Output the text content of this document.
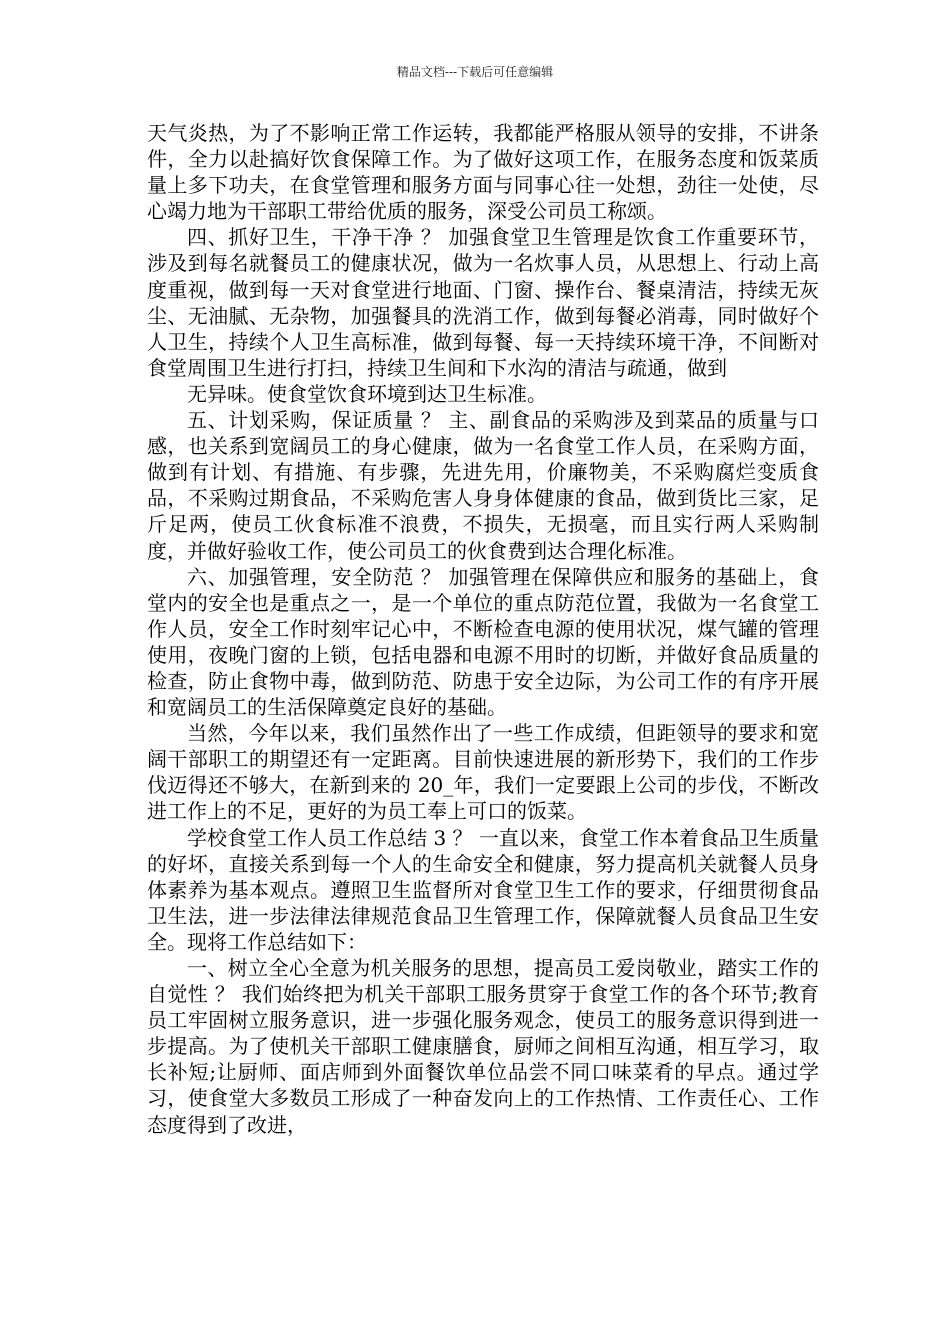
精品文档---下载后可任意编辑

天气炎热，为了不影响正常工作运转，我都能严格服从领导的安排，不讲条件，全力以赴搞好饮食保障工作。为了做好这项工作，在服务态度和饭菜质量上多下功夫，在食堂管理和服务方面与同事心往一处想，劲往一处使，尽心竭力地为干部职工带给优质的服务，深受公司员工称颂。

四、抓好卫生，干净干净 ？ 加强食堂卫生管理是饮食工作重要环节，涉及到每名就餐员工的健康状况，做为一名炊事人员，从思想上、行动上高度重视，做到每一天对食堂进行地面、门窗、操作台、餐桌清洁，持续无灰尘、无油腻、无杂物，加强餐具的洗消工作，做到每餐必消毒，同时做好个人卫生，持续个人卫生高标准，做到每餐、每一天持续环境干净，不间断对食堂周围卫生进行打扫，持续卫生间和下水沟的清洁与疏通，做到

无异味。使食堂饮食环境到达卫生标准。

五、计划采购，保证质量 ？ 主、副食品的采购涉及到菜品的质量与口感，也关系到宽阔员工的身心健康，做为一名食堂工作人员，在采购方面，做到有计划、有措施、有步骤，先进先用，价廉物美，不采购腐烂变质食品，不采购过期食品，不采购危害人身身体健康的食品，做到货比三家，足斤足两，使员工伙食标准不浪费，不损失，无损毫，而且实行两人采购制度，并做好验收工作，使公司员工的伙食费到达合理化标准。

六、加强管理，安全防范 ？ 加强管理在保障供应和服务的基础上，食堂内的安全也是重点之一，是一个单位的重点防范位置，我做为一名食堂工作人员，安全工作时刻牢记心中，不断检查电源的使用状况，煤气罐的管理使用，夜晚门窗的上锁，包括电器和电源不用时的切断，并做好食品质量的检查，防止食物中毒，做到防范、防患于安全边际，为公司工作的有序开展和宽阔员工的生活保障奠定良好的基础。

当然，今年以来，我们虽然作出了一些工作成绩，但距领导的要求和宽阔干部职工的期望还有一定距离。目前快速进展的新形势下，我们的工作步伐迈得还不够大，在新到来的 20_年，我们一定要跟上公司的步伐，不断改进工作上的不足，更好的为员工奉上可口的饭菜。

学校食堂工作人员工作总结 3 ？ 一直以来，食堂工作本着食品卫生质量的好坏，直接关系到每一个人的生命安全和健康，努力提高机关就餐人员身体素养为基本观点。遵照卫生监督所对食堂卫生工作的要求，仔细贯彻食品卫生法，进一步法律法律规范食品卫生管理工作，保障就餐人员食品卫生安全。现将工作总结如下：

一、树立全心全意为机关服务的思想，提高员工爱岗敬业，踏实工作的自觉性 ？ 我们始终把为机关干部职工服务贯穿于食堂工作的各个环节;教育员工牢固树立服务意识，进一步强化服务观念，使员工的服务意识得到进一步提高。为了使机关干部职工健康膳食，厨师之间相互沟通，相互学习，取长补短;让厨师、面店师到外面餐饮单位品尝不同口味菜肴的早点。通过学习，使食堂大多数员工形成了一种奋发向上的工作热情、工作责任心、工作态度得到了改进，
